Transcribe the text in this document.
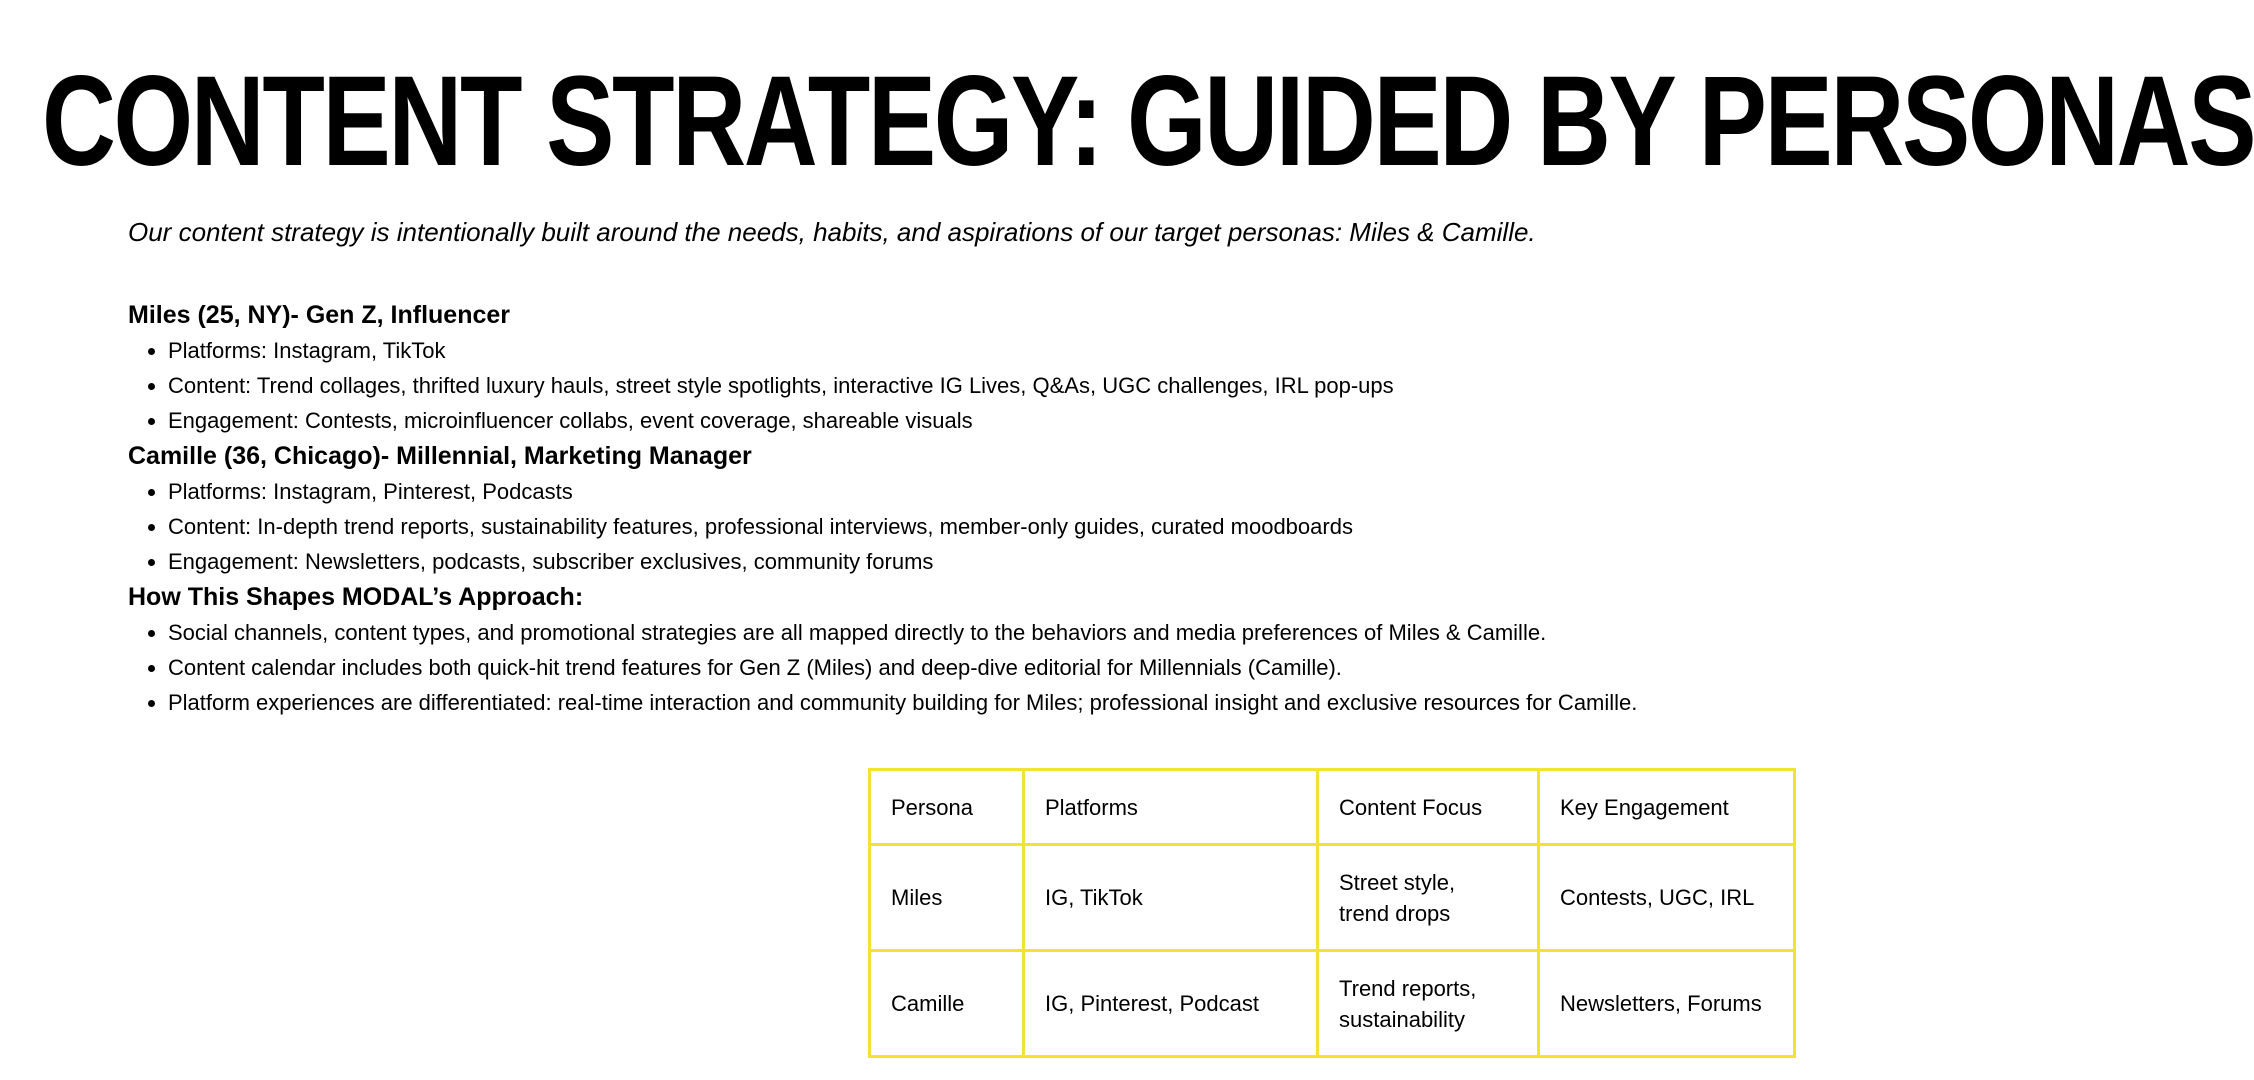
CONTENT STRATEGY: GUIDED BY PERSONAS

Our content strategy is intentionally built around the needs, habits, and aspirations of our target personas: Miles & Camille.

Miles (25, NY)- Gen Z, Influencer
• Platforms: Instagram, TikTok
• Content: Trend collages, thrifted luxury hauls, street style spotlights, interactive IG Lives, Q&As, UGC challenges, IRL pop-ups
• Engagement: Contests, microinfluencer collabs, event coverage, shareable visuals
Camille (36, Chicago)- Millennial, Marketing Manager
• Platforms: Instagram, Pinterest, Podcasts
• Content: In-depth trend reports, sustainability features, professional interviews, member-only guides, curated moodboards
• Engagement: Newsletters, podcasts, subscriber exclusives, community forums
How This Shapes MODAL’s Approach:
• Social channels, content types, and promotional strategies are all mapped directly to the behaviors and media preferences of Miles & Camille.
• Content calendar includes both quick-hit trend features for Gen Z (Miles) and deep-dive editorial for Millennials (Camille).
• Platform experiences are differentiated: real-time interaction and community building for Miles; professional insight and exclusive resources for Camille.
Persona	Platforms	Content Focus	Key Engagement

Miles	IG, TikTok	Street style,
trend drops	Contests, UGC, IRL

Camille	IG, Pinterest, Podcast	Trend reports,
sustainability	Newsletters, Forums
